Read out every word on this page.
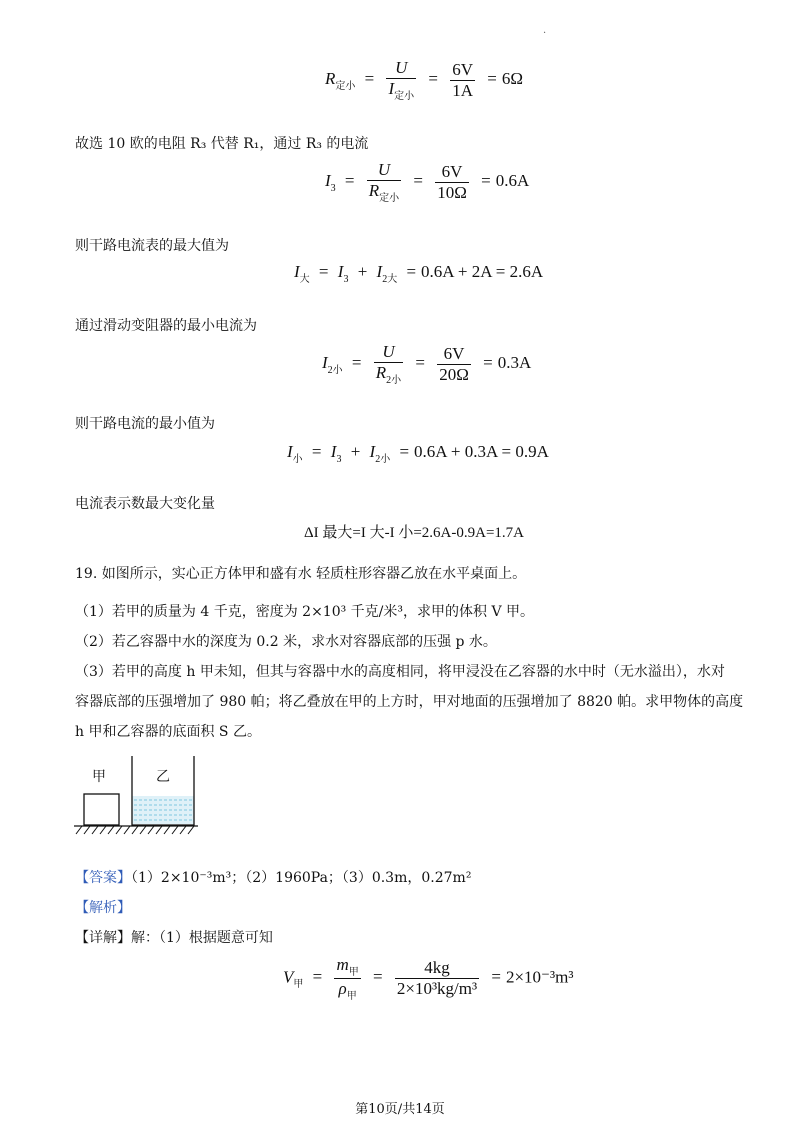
·
$R_{定小} = \frac{U}{I_{定小}} = \frac{6V}{1A} = 6\Omega$
故选 10 欧的电阻 R₃ 代替 R₁，通过 R₃ 的电流
$I_3 = \frac{U}{R_{定小}} = \frac{6V}{10\Omega} = 0.6A$
则干路电流表的最大值为
$I_大 = I_3 + I_{2大} = 0.6A + 2A = 2.6A$
通过滑动变阻器的最小电流为
$I_{2小} = \frac{U}{R_{2小}} = \frac{6V}{20\Omega} = 0.3A$
则干路电流的最小值为
$I_小 = I_3 + I_{2小} = 0.6A + 0.3A = 0.9A$
电流表示数最大变化量
ΔI 最大=I 大-I 小=2.6A-0.9A=1.7A
19. 如图所示，实心正方体甲和盛有水 轻质柱形容器乙放在水平桌面上。
（1）若甲的质量为 4 千克，密度为 2×10³ 千克/米³，求甲的体积 V 甲。
（2）若乙容器中水的深度为 0.2 米，求水对容器底部的压强 p 水。
（3）若甲的高度 h 甲未知，但其与容器中水的高度相同，将甲浸没在乙容器的水中时（无水溢出），水对
容器底部的压强增加了 980 帕；将乙叠放在甲的上方时，甲对地面的压强增加了 8820 帕。求甲物体的高度
h 甲和乙容器的底面积 S 乙。
甲	乙
【答案】（1）2×10⁻³m³；（2）1960Pa；（3）0.3m，0.27m²
【解析】
【详解】解：（1）根据题意可知
$V_甲 = \frac{m_甲}{\rho_甲} = \frac{4kg}{\text{2×10³kg/m³}} = 2\times 10^{-3}m^3$
第10页/共14页
